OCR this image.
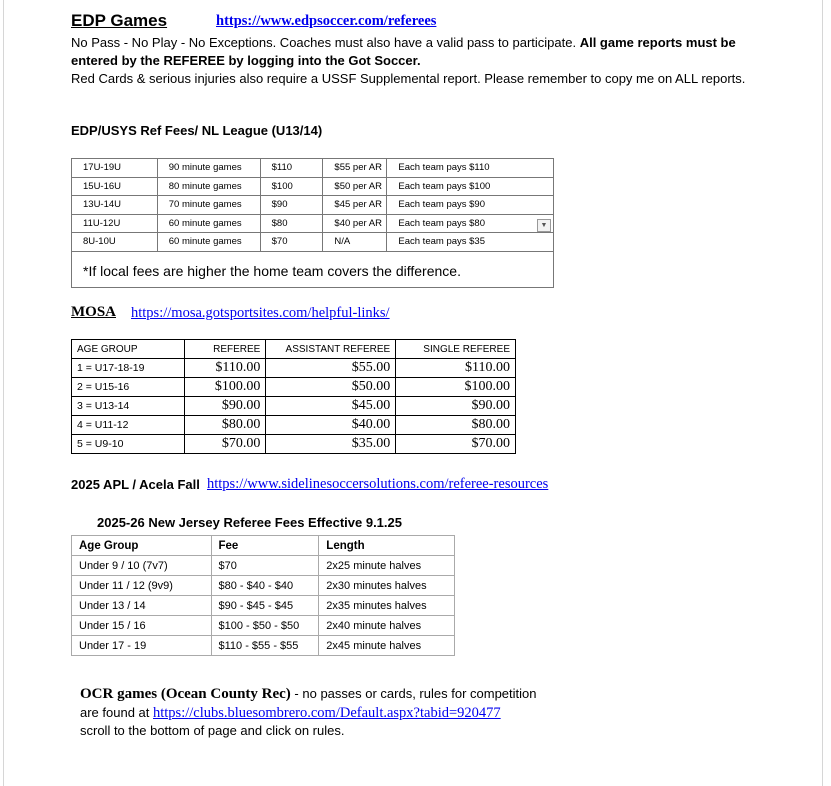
EDP Games	https://www.edpsoccer.com/referees
No Pass - No Play - No Exceptions. Coaches must also have a valid pass to participate. All game reports must be entered by the REFEREE by logging into the Got Soccer.
Red Cards & serious injuries also require a USSF Supplemental report. Please remember to copy me on ALL reports.
EDP/USYS Ref Fees/ NL League (U13/14)
17U-19U	90 minute games	$110	$55 per AR	Each team pays $110
15U-16U	80 minute games	$100	$50 per AR	Each team pays $100
13U-14U	70 minute games	$90	$45 per AR	Each team pays $90
11U-12U	60 minute games	$80	$40 per AR	Each team pays $80
8U-10U	60 minute games	$70	N/A	Each team pays $35
*If local fees are higher the home team covers the difference.				
▼
MOSA https://mosa.gotsportsites.com/helpful-links/
AGE GROUP	REFEREE	ASSISTANT REFEREE	SINGLE REFEREE
1 = U17-18-19	$110.00	$55.00	$110.00
2 = U15-16	$100.00	$50.00	$100.00
3 = U13-14	$90.00	$45.00	$90.00
4 = U11-12	$80.00	$40.00	$80.00
5 = U9-10	$70.00	$35.00	$70.00
2025 APL / Acela Fall https://www.sidelinesoccersolutions.com/referee-resources
2025-26 New Jersey Referee Fees Effective 9.1.25
Age Group	Fee	Length
Under 9 / 10 (7v7)	$70	2x25 minute halves
Under 11 / 12 (9v9)	$80 - $40 - $40	2x30 minutes halves
Under 13 / 14	$90 - $45 - $45	2x35 minutes halves
Under 15 / 16	$100 - $50 - $50	2x40 minute halves
Under 17 - 19	$110 - $55 - $55	2x45 minute halves
OCR games (Ocean County Rec) - no passes or cards, rules for competition
are found at https://clubs.bluesombrero.com/Default.aspx?tabid=920477
scroll to the bottom of page and click on rules.
